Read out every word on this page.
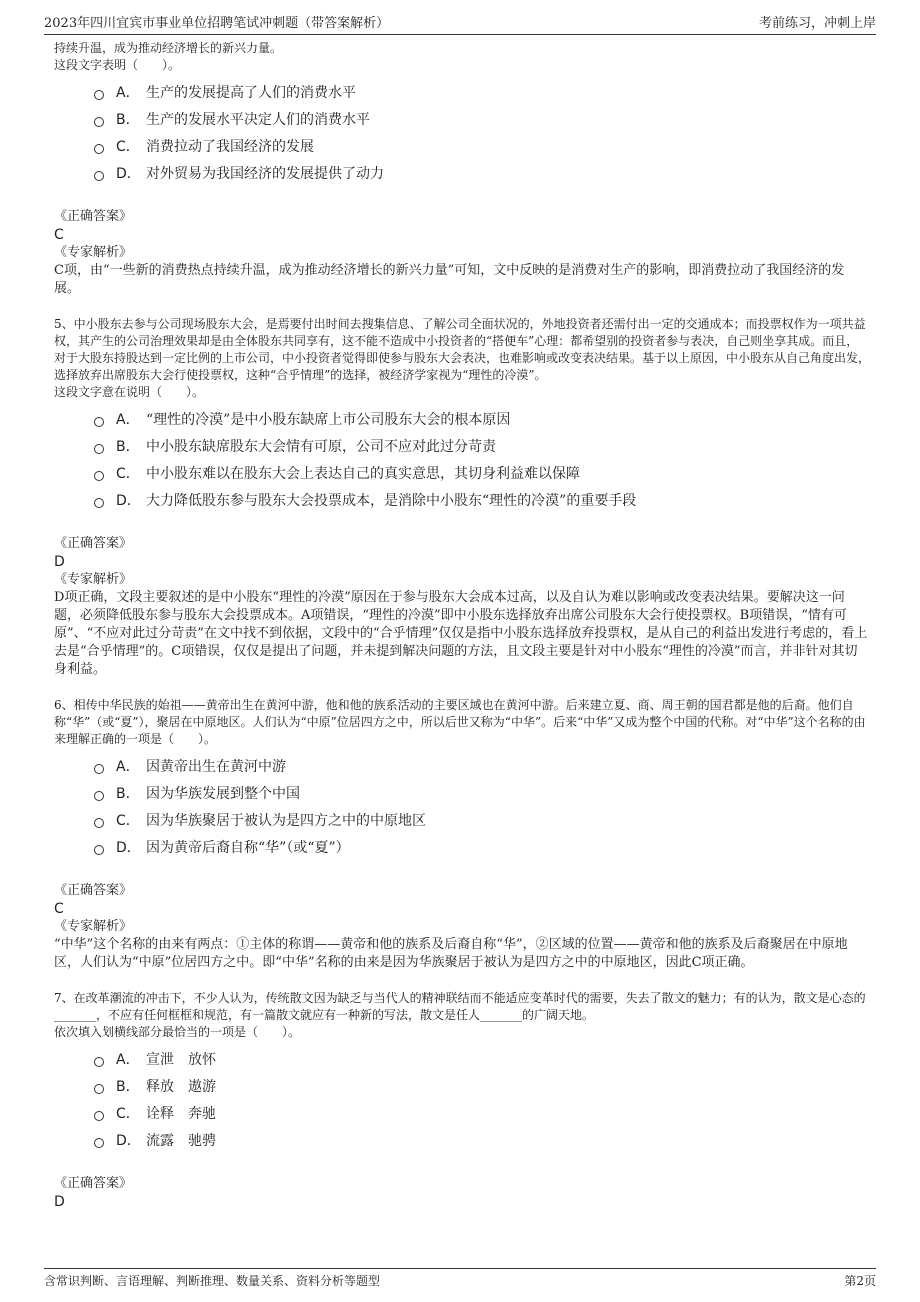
2023年四川宜宾市事业单位招聘笔试冲刺题（带答案解析）	考前练习，冲刺上岸

持续升温，成为推动经济增长的新兴力量。

这段文字表明（　　）。

A． 生产的发展提高了人们的消费水平
B． 生产的发展水平决定人们的消费水平
C． 消费拉动了我国经济的发展
D． 对外贸易为我国经济的发展提供了动力

《正确答案》

C

《专家解析》

C项，由“一些新的消费热点持续升温，成为推动经济增长的新兴力量”可知，文中反映的是消费对生产的影响，即消费拉动了我国经济的发展。

5、中小股东去参与公司现场股东大会，是焉要付出时间去搜集信息、了解公司全面状况的，外地投资者还需付出一定的交通成本；而投票权作为一项共益权，其产生的公司治理效果却是由全体股东共同享有，这不能不造成中小投资者的“搭便车”心理：都希望别的投资者参与表决，自己则坐享其成。而且，对于大股东持股达到一定比例的上市公司，中小投资者觉得即使参与股东大会表决，也难影响或改变表决结果。基于以上原因，中小股东从自己角度出发，选择放弃出席股东大会行使投票权，这种“合乎情理”的选择，被经济学家视为“理性的冷漠”。

这段文字意在说明（　　）。

A． “理性的冷漠”是中小股东缺席上市公司股东大会的根本原因
B． 中小股东缺席股东大会情有可原，公司不应对此过分苛责
C． 中小股东难以在股东大会上表达自己的真实意思，其切身利益难以保障
D． 大力降低股东参与股东大会投票成本，是消除中小股东“理性的冷漠”的重要手段

《正确答案》

D

《专家解析》

D项正确，文段主要叙述的是中小股东“理性的冷漠”原因在于参与股东大会成本过高，以及自认为难以影响或改变表决结果。要解决这一问题，必须降低股东参与股东大会投票成本。A项错误，“理性的冷漠”即中小股东选择放弃出席公司股东大会行使投票权。B项错误，“情有可原”、“不应对此过分苛责”在文中找不到依据，文段中的“合乎情理”仅仅是指中小股东选择放弃投票权，是从自己的利益出发进行考虑的，看上去是“合乎情理”的。C项错误，仅仅是提出了问题，并未提到解决问题的方法，且文段主要是针对中小股东“理性的冷漠”而言，并非针对其切身利益。

6、相传中华民族的始祖——黄帝出生在黄河中游，他和他的族系活动的主要区域也在黄河中游。后来建立夏、商、周王朝的国君都是他的后裔。他们自称“华”（或“夏”），聚居在中原地区。人们认为“中原”位居四方之中，所以后世又称为“中华”。后来“中华”又成为整个中国的代称。对“中华”这个名称的由来理解正确的一项是（　　）。

A． 因黄帝出生在黄河中游
B． 因为华族发展到整个中国
C． 因为华族聚居于被认为是四方之中的中原地区
D． 因为黄帝后裔自称“华”（或“夏”）

《正确答案》

C

《专家解析》

“中华”这个名称的由来有两点：①主体的称谓——黄帝和他的族系及后裔自称“华”，②区域的位置——黄帝和他的族系及后裔聚居在中原地区，人们认为“中原”位居四方之中。即“中华”名称的由来是因为华族聚居于被认为是四方之中的中原地区，因此C项正确。

7、在改革潮流的冲击下，不少人认为，传统散文因为缺乏与当代人的精神联结而不能适应变革时代的需要，失去了散文的魅力；有的认为，散文是心态的_______，不应有任何框框和规范，有一篇散文就应有一种新的写法，散文是任人_______的广阔天地。

依次填入划横线部分最恰当的一项是（　　）。

A． 宣泄　放怀
B． 释放　遨游
C． 诠释　奔驰
D． 流露　驰骋

《正确答案》

D

含常识判断、言语理解、判断推理、数量关系、资料分析等题型	第2页
